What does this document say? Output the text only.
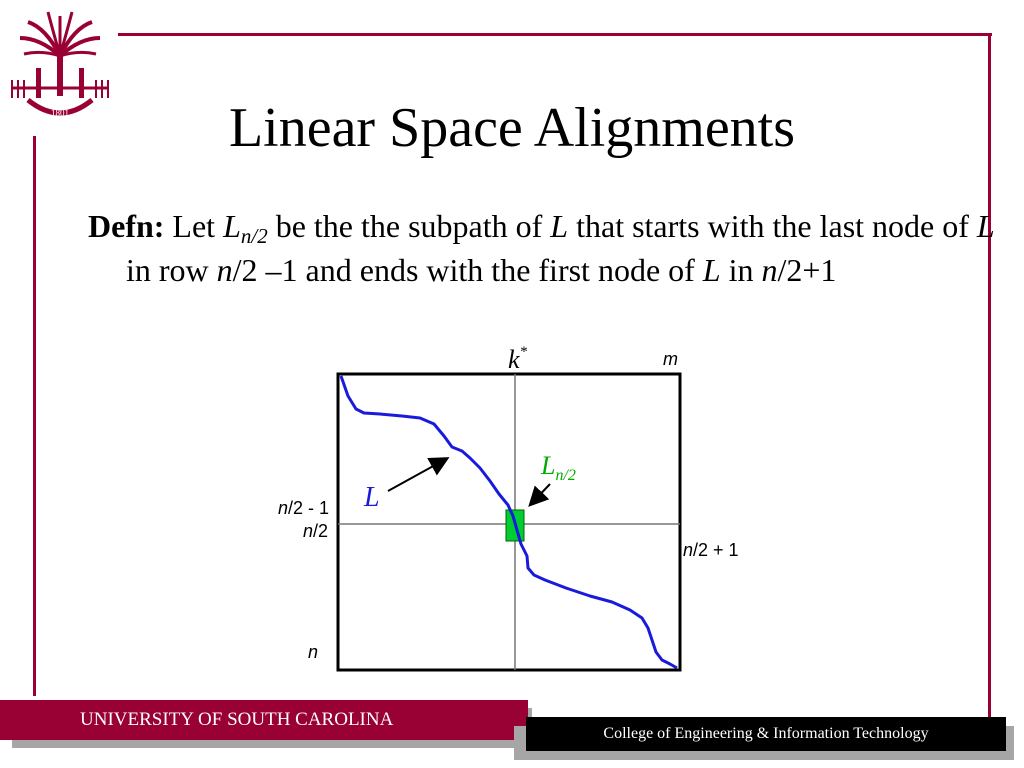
1801	Linear Space Alignments
Defn: Let $L_{n/2}$ be the the subpath of L that starts with the last node of L in row n/2 –1 and ends with the first node of L in n/2+1
k*	m
n/2 - 1
n/2
n/2 + 1
n
L
$L_{n/2}$
UNIVERSITY OF SOUTH CAROLINA
College of Engineering & Information Technology
